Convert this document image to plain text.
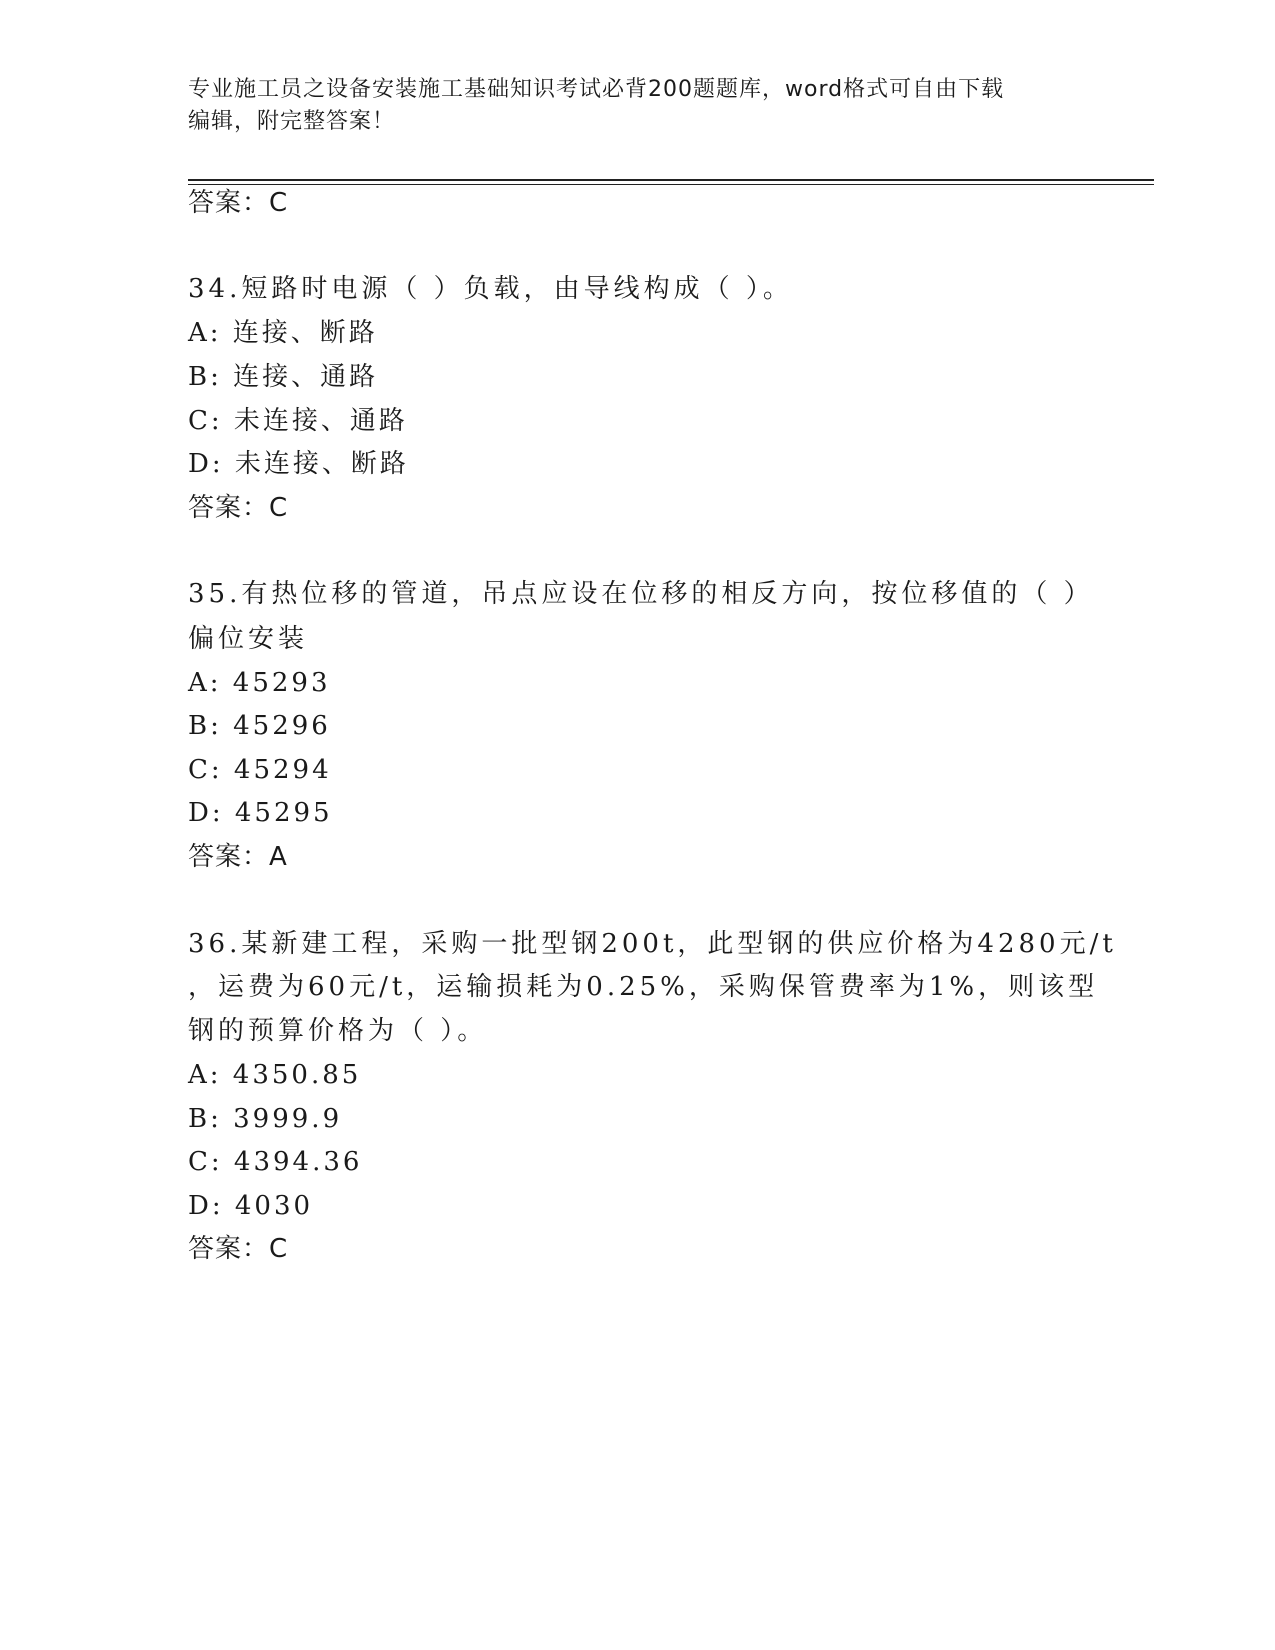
专业施工员之设备安装施工基础知识考试必背200题题库，word格式可自由下载
编辑，附完整答案！
答案：C
34.短路时电源（ ）负载，由导线构成（ ）。
A: 连接、断路
B: 连接、通路
C: 未连接、通路
D: 未连接、断路
答案：C
35.有热位移的管道，吊点应设在位移的相反方向，按位移值的（ ）
偏位安装
A: 45293
B: 45296
C: 45294
D: 45295
答案：A
36.某新建工程，采购一批型钢200t，此型钢的供应价格为4280元/t
，运费为60元/t，运输损耗为0.25%，采购保管费率为1%，则该型
钢的预算价格为（ ）。
A: 4350.85
B: 3999.9
C: 4394.36
D: 4030
答案：C
